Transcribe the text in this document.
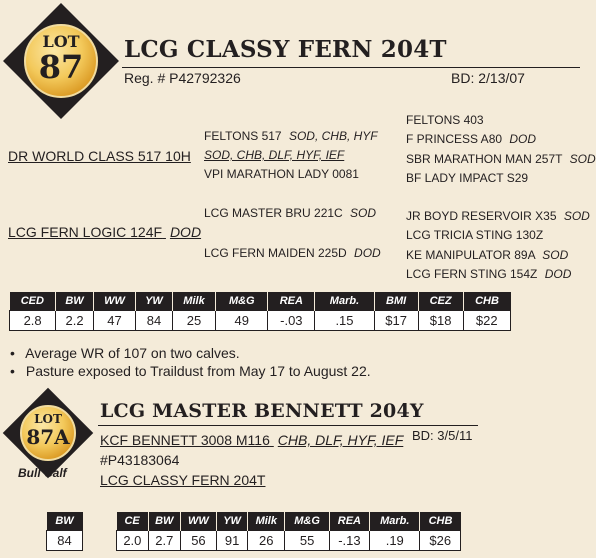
LOT
87	LCG CLASSY FERN 204T
Reg. # P42792326	BD: 2/13/07
FELTONS 403
FELTONS 517 SOD, CHB, HYF F PRINCESS A80 DOD
DR WORLD CLASS 517 10H SOD, CHB, DLF, HYF, IEF	SBR MARATHON MAN 257T SOD
VPI MARATHON LADY 0081	BF LADY IMPACT S29
LCG MASTER BRU 221C SOD JR BOYD RESERVOIR X35 SOD
LCG FERN LOGIC 124F DOD	LCG TRICIA STING 130Z
LCG FERN MAIDEN 225D DOD KE MANIPULATOR 89A SOD
LCG FERN STING 154Z DOD
CED	BW	WW	YW	Milk	M&G	REA	Marb.	BMI	CEZ	CHB
2.8	2.2	47	84	25	49	-.03	.15	$17	$18	$22
• Average WR of 107 on two calves.
• Pasture exposed to Traildust from May 17 to August 22.
LOT
87A
Bull Calf
LCG MASTER BENNETT 204Y
KCF BENNETT 3008 M116 CHB, DLF, HYF, IEF BD: 3/5/11
#P43183064
LCG CLASSY FERN 204T
BW
84
CE	BW	WW	YW	Milk	M&G	REA	Marb.	CHB
2.0	2.7	56	91	26	55	-.13	.19	$26
